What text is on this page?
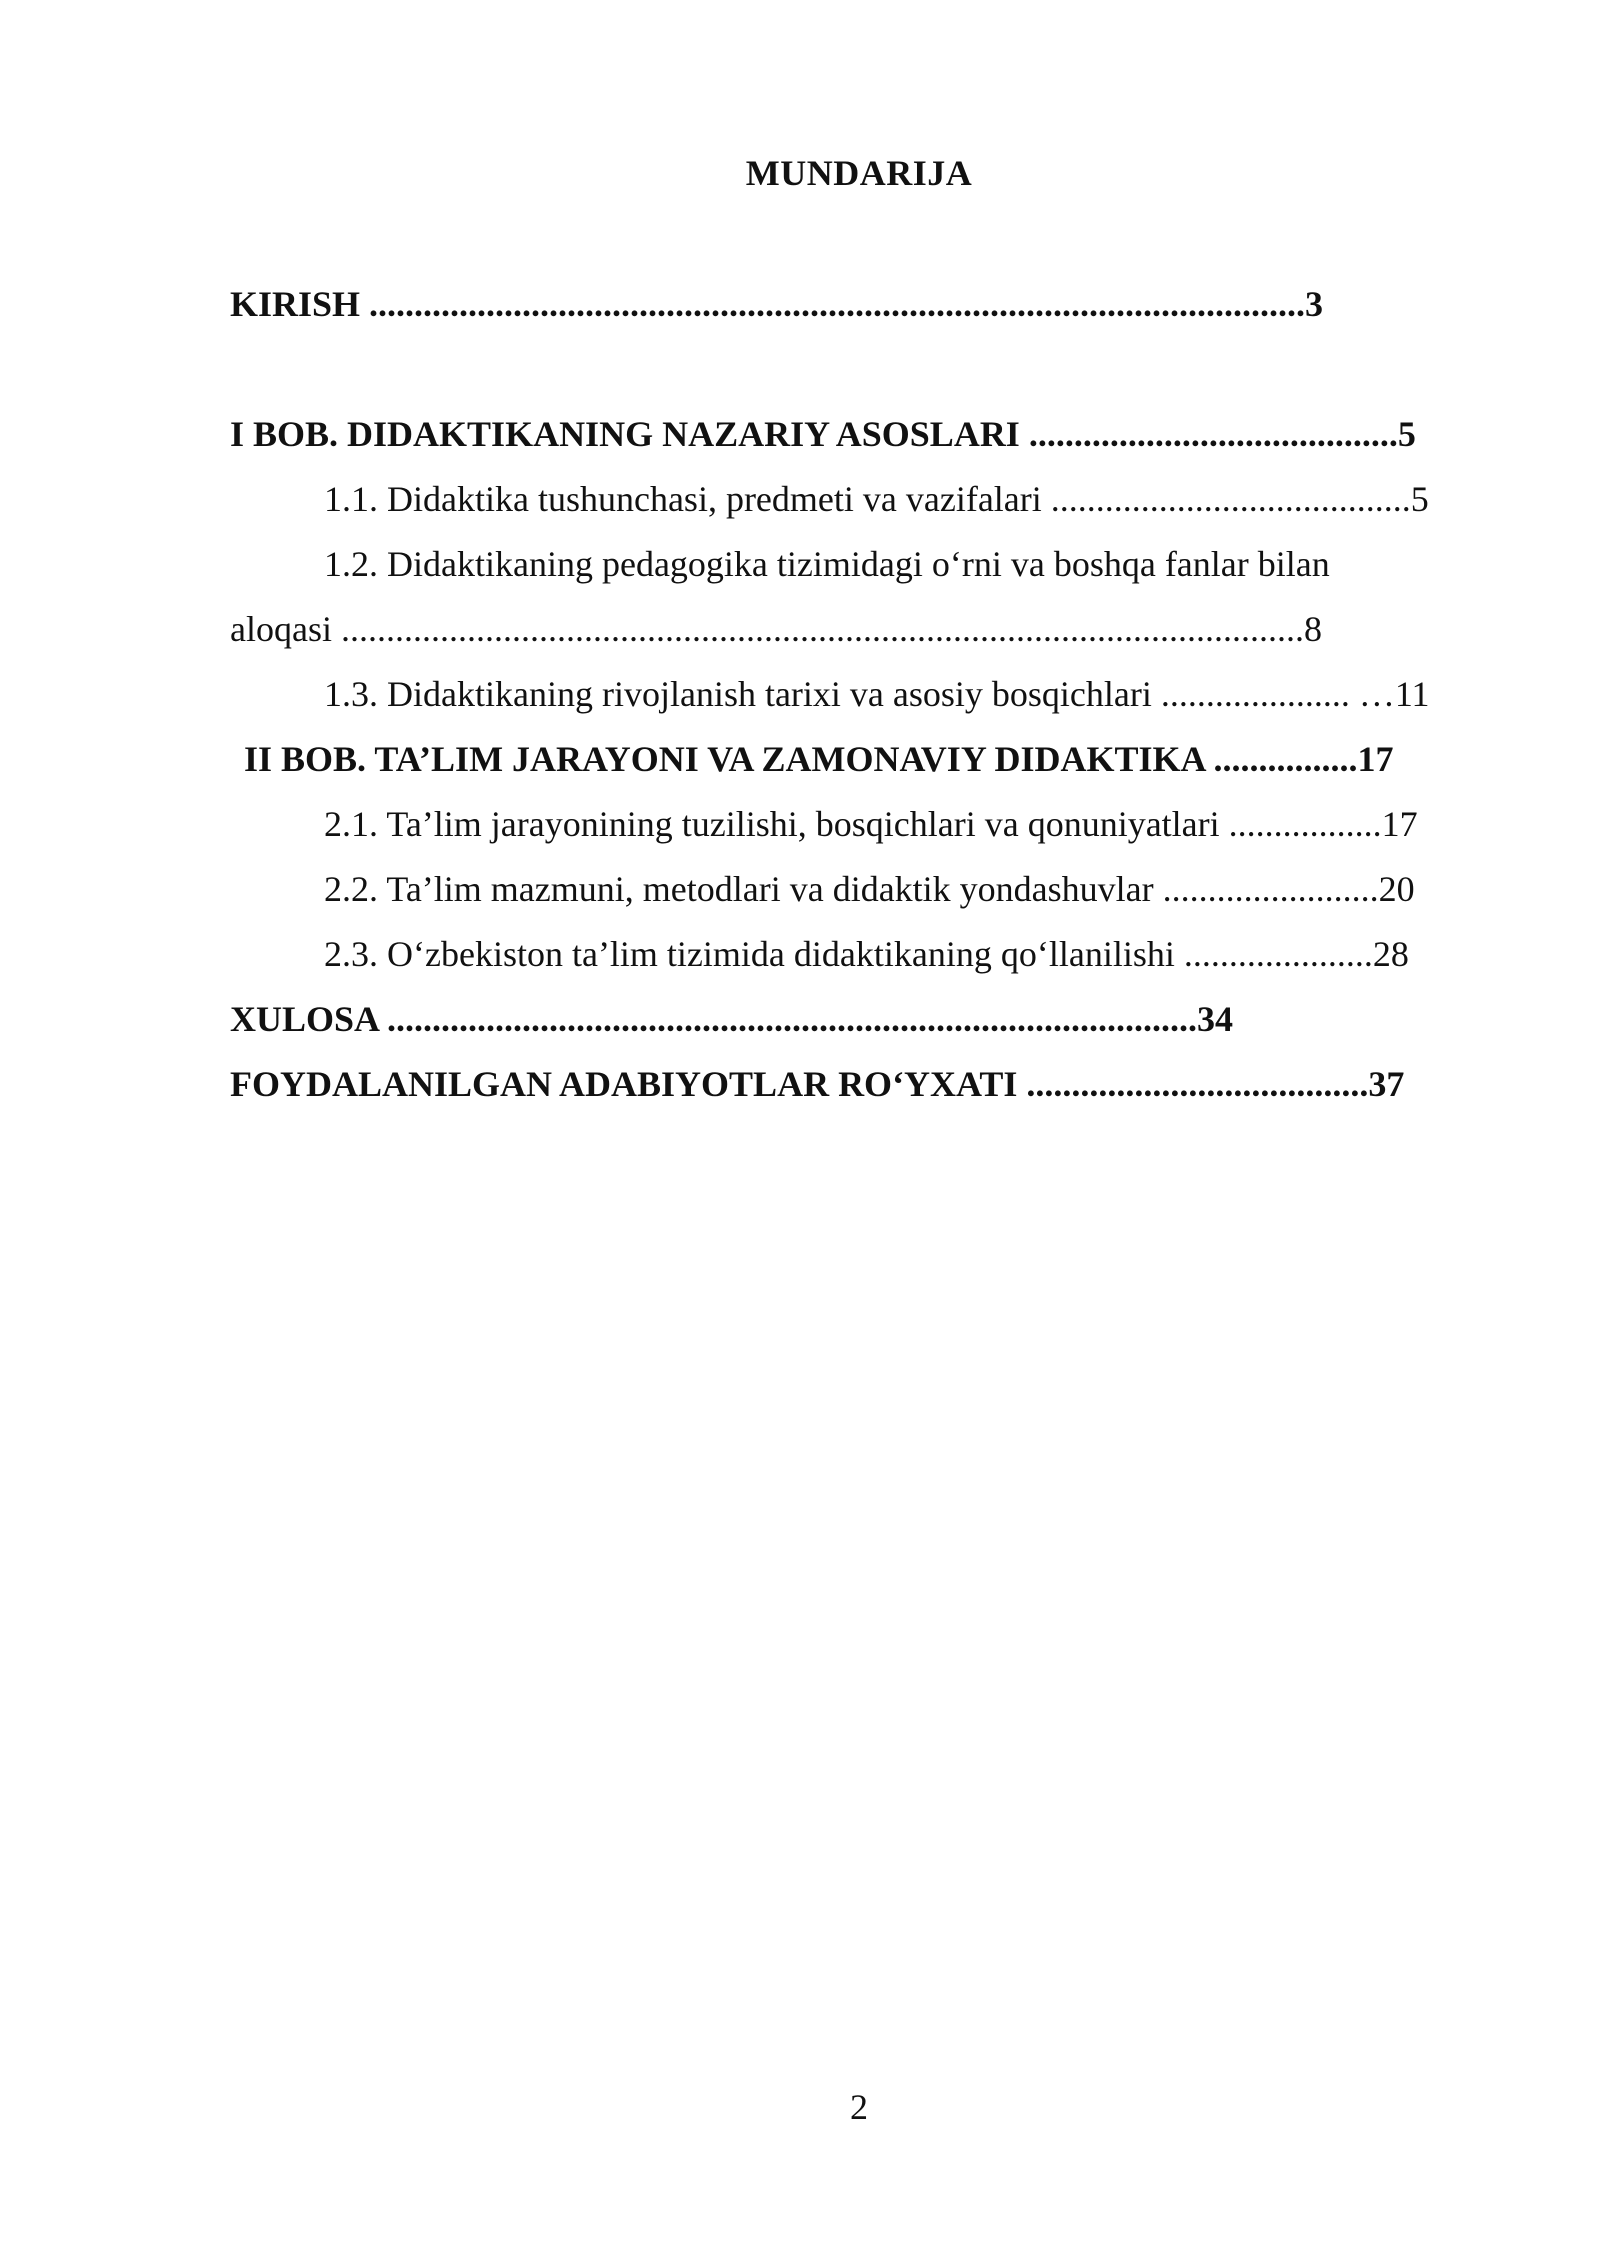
MUNDARIJA
KIRISH ........................................................................................................3
I BOB. DIDAKTIKANING NAZARIY ASOSLARI .........................................5
1.1. Didaktika tushunchasi, predmeti va vazifalari ........................................5
1.2. Didaktikaning pedagogika tizimidagi o‘rni va boshqa fanlar bilan
aloqasi ...........................................................................................................8
1.3. Didaktikaning rivojlanish tarixi va asosiy bosqichlari ..................... …11
II BOB. TA’LIM JARAYONI VA ZAMONAVIY DIDAKTIKA ................17
2.1. Ta’lim jarayonining tuzilishi, bosqichlari va qonuniyatlari .................17
2.2. Ta’lim mazmuni, metodlari va didaktik yondashuvlar ........................20
2.3. O‘zbekiston ta’lim tizimida didaktikaning qo‘llanilishi .....................28
XULOSA ..........................................................................................34
FOYDALANILGAN ADABIYOTLAR RO‘YXATI ......................................37
2
